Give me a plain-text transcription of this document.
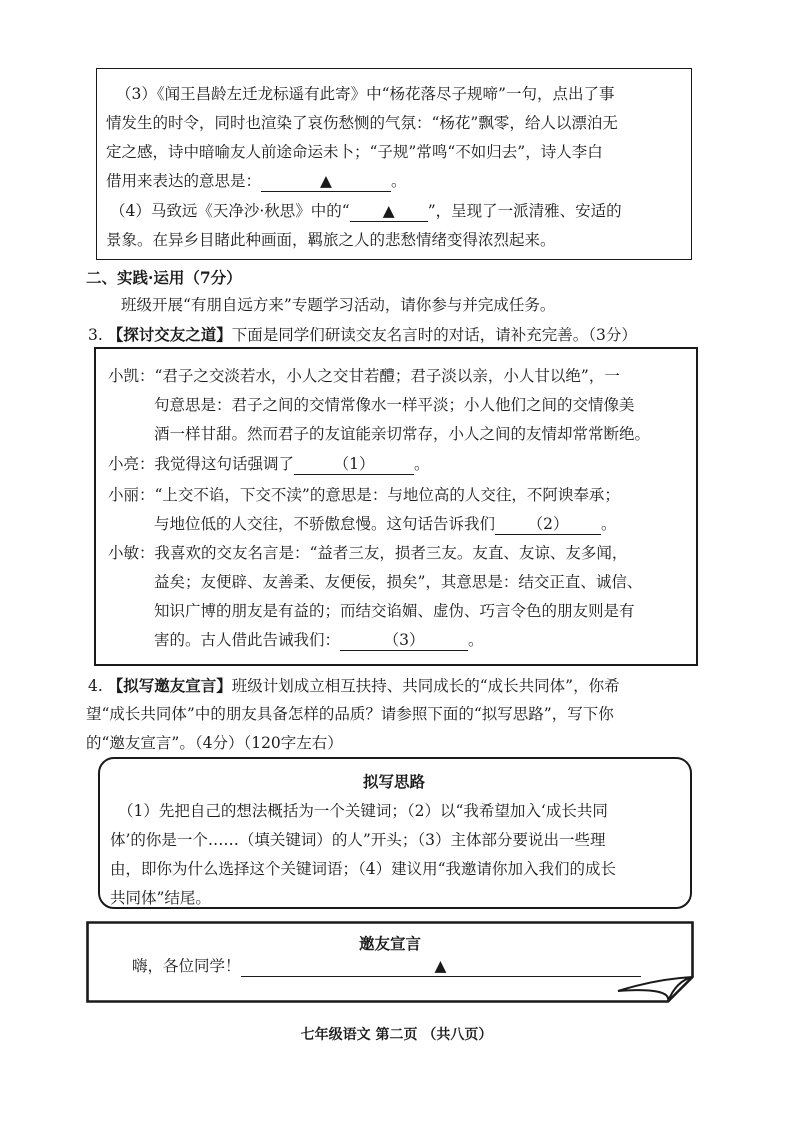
（3）《闻王昌龄左迁龙标遥有此寄》中“杨花落尽子规啼”一句，点出了事
情发生的时令，同时也渲染了哀伤愁恻的气氛：“杨花”飘零，给人以漂泊无
定之感，诗中暗喻友人前途命运未卜；“子规”常鸣“不如归去”，诗人李白
借用来表达的意思是：	▲	。
（4）马致远《天净沙·秋思》中的“ ▲ ”，呈现了一派清雅、安适的
景象。在异乡目睹此种画面，羁旅之人的悲愁情绪变得浓烈起来。
二、实践·运用（7分）
班级开展“有朋自远方来”专题学习活动，请你参与并完成任务。
3. 【探讨交友之道】下面是同学们研读交友名言时的对话，请补充完善。（3分）
小凯：“君子之交淡若水，小人之交甘若醴；君子淡以亲，小人甘以绝”，一
句意思是：君子之间的交情常像水一样平淡；小人他们之间的交情像美
酒一样甘甜。然而君子的友谊能亲切常存，小人之间的友情却常常断绝。
小亮：我觉得这句话强调了	（1）	。
小丽：“上交不谄，下交不渎”的意思是：与地位高的人交往，不阿谀奉承；
与地位低的人交往，不骄傲怠慢。这句话告诉我们 （2） 。
小敏：我喜欢的交友名言是：“益者三友，损者三友。友直、友谅、友多闻，
益矣；友便辟、友善柔、友便佞，损矣”，其意思是：结交正直、诚信、
知识广博的朋友是有益的；而结交谄媚、虚伪、巧言令色的朋友则是有
害的。古人借此告诫我们：	（3）	。
4. 【拟写邀友宣言】班级计划成立相互扶持、共同成长的“成长共同体”，你希
望“成长共同体”中的朋友具备怎样的品质？请参照下面的“拟写思路”，写下你
的“邀友宣言”。（4分）（120字左右）
拟写思路
（1）先把自己的想法概括为一个关键词；（2）以“我希望加入‘成长共同
体’的你是一个……（填关键词）的人”开头；（3）主体部分要说出一些理
由，即你为什么选择这个关键词语；（4）建议用“我邀请你加入我们的成长
共同体”结尾。
邀友宣言
嗨，各位同学！	▲
七年级语文 第二页 （共八页）
